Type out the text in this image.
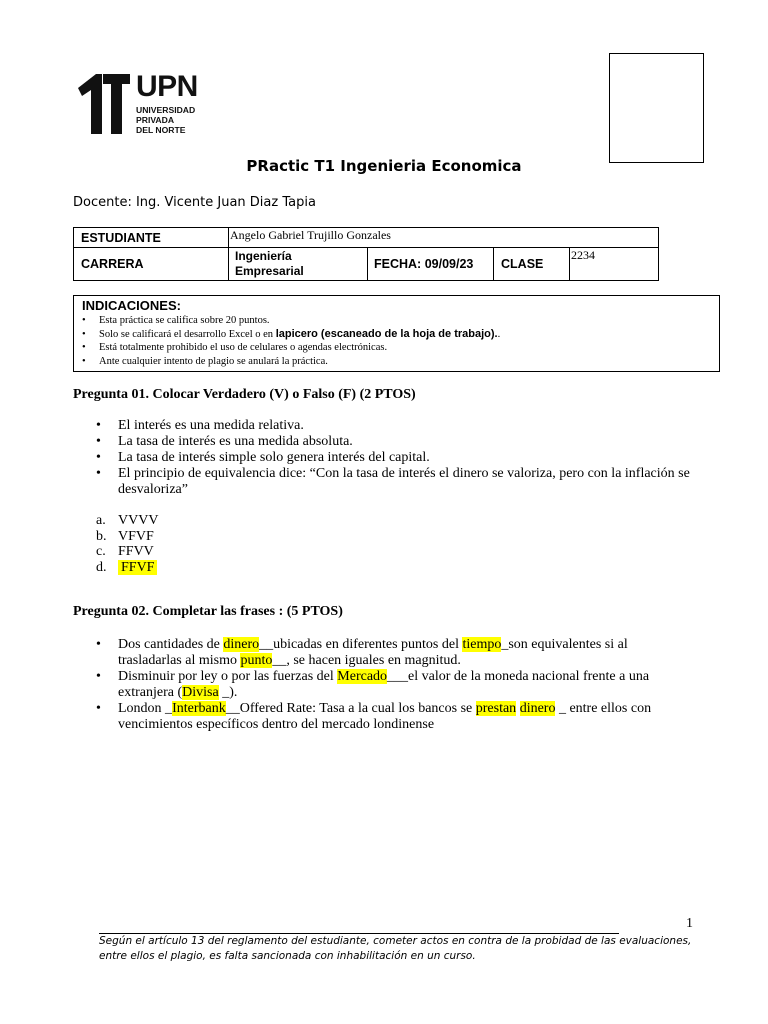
UPN
UNIVERSIDAD
PRIVADA
DEL NORTE
PRactic T1 Ingenieria Economica
Docente: Ing. Vicente Juan Diaz Tapia
ESTUDIANTE	Angelo Gabriel Trujillo Gonzales
CARRERA
Ingeniería Empresarial	FECHA: 09/09/23 CLASE
2234
INDICACIONES:
• Esta práctica se califica sobre 20 puntos.
• Solo se calificará el desarrollo Excel o en lapicero (escaneado de la hoja de trabajo)..
• Está totalmente prohibido el uso de celulares o agendas electrónicas.
• Ante cualquier intento de plagio se anulará la práctica.
Pregunta 01. Colocar Verdadero (V) o Falso (F) (2 PTOS)
• El interés es una medida relativa.
• La tasa de interés es una medida absoluta.
• La tasa de interés simple solo genera interés del capital.
• El principio de equivalencia dice: “Con la tasa de interés el dinero se valoriza, pero con la inflación se desvaloriza”
a. VVVV
b. VFVF
c. FFVV
d. FFVF
Pregunta 02. Completar las frases : (5 PTOS)
• Dos cantidades de dinero__ubicadas en diferentes puntos del tiempo_son equivalentes si al trasladarlas al mismo punto__, se hacen iguales en magnitud.
• Disminuir por ley o por las fuerzas del Mercado___el valor de la moneda nacional frente a una extranjera (Divisa _).
• London _Interbank__Offered Rate: Tasa a la cual los bancos se prestan dinero _ entre ellos con vencimientos específicos dentro del mercado londinense
1
Según el artículo 13 del reglamento del estudiante, cometer actos en contra de la probidad de las evaluaciones, entre ellos el plagio, es falta sancionada con inhabilitación en un curso.
